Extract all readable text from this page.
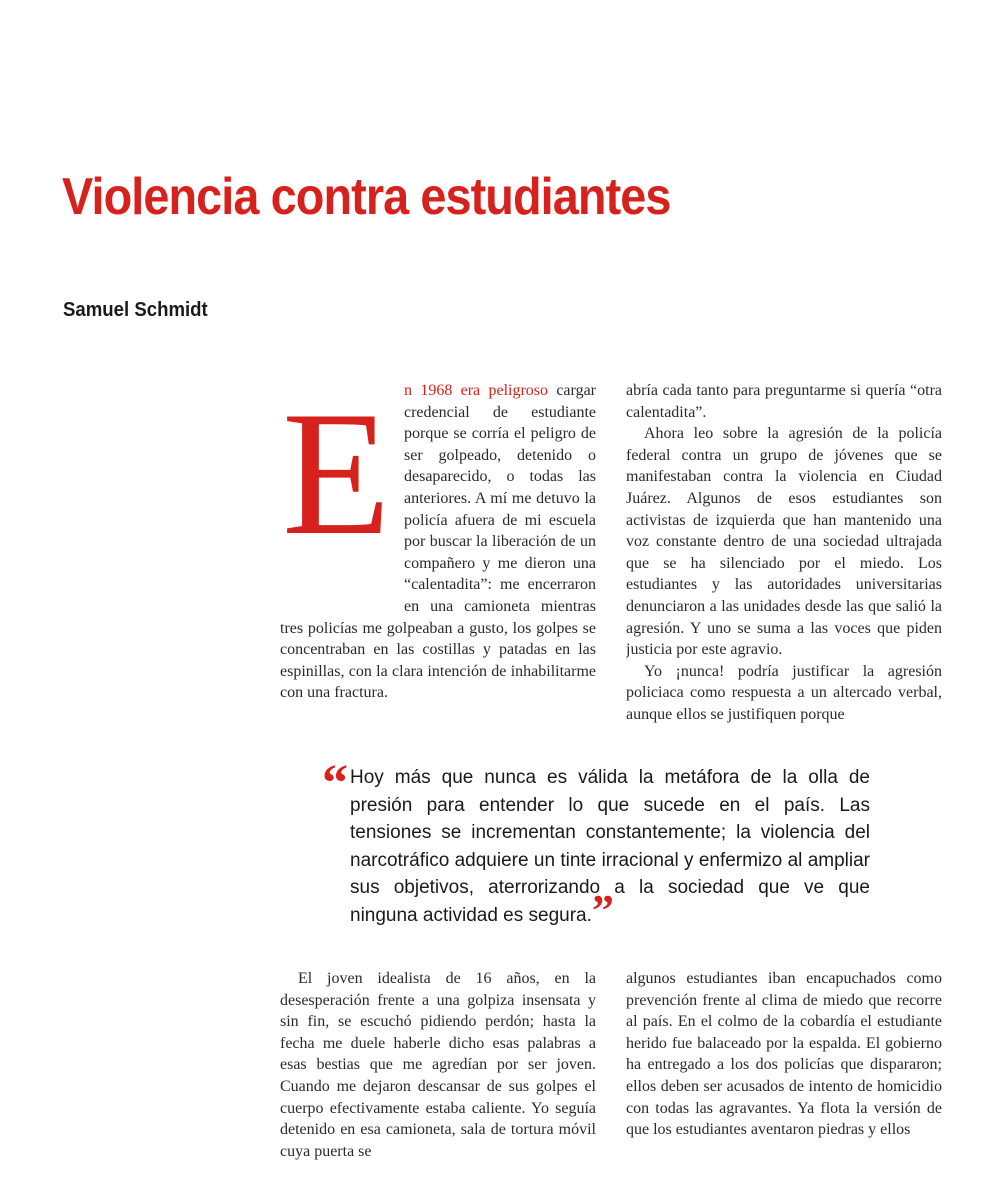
Violencia contra estudiantes
Samuel Schmidt
E n 1968 era peligroso cargar credencial de estudiante porque se corría el peligro de ser golpeado, detenido o desaparecido, o todas las anteriores. A mí me detuvo la policía afuera de mi escuela por buscar la liberación de un compañero y me dieron una “calentadita”: me encerraron en una camioneta mientras tres policías me golpeaban a gusto, los golpes se concentraban en las costillas y patadas en las espinillas, con la clara intención de inhabilitarme con una fractura.

abría cada tanto para preguntarme si quería “otra calentadita”.

Ahora leo sobre la agresión de la policía federal contra un grupo de jóvenes que se manifestaban contra la violencia en Ciudad Juárez. Algunos de esos estudiantes son activistas de izquierda que han mantenido una voz constante dentro de una sociedad ultrajada que se ha silenciado por el miedo. Los estudiantes y las autoridades universitarias denunciaron a las unidades desde las que salió la agresión. Y uno se suma a las voces que piden justicia por este agravio.

Yo ¡nunca! podría justificar la agresión policiaca como respuesta a un altercado verbal, aunque ellos se justifiquen porque

“ Hoy más que nunca es válida la metáfora de la olla de presión para entender lo que sucede en el país. Las tensiones se incrementan constantemente; la violencia del narcotráfico adquiere un tinte irracional y enfermizo al ampliar sus objetivos, aterrorizando a la sociedad que ve que ninguna actividad es segura.”

El joven idealista de 16 años, en la desesperación frente a una golpiza insensata y sin fin, se escuchó pidiendo perdón; hasta la fecha me duele haberle dicho esas palabras a esas bestias que me agredían por ser joven. Cuando me dejaron descansar de sus golpes el cuerpo efectivamente estaba caliente. Yo seguía detenido en esa camioneta, sala de tortura móvil cuya puerta se

algunos estudiantes iban encapuchados como prevención frente al clima de miedo que recorre al país. En el colmo de la cobardía el estudiante herido fue balaceado por la espalda. El gobierno ha entregado a los dos policías que dispararon; ellos deben ser acusados de intento de homicidio con todas las agravantes. Ya flota la versión de que los estudiantes aventaron piedras y ellos
